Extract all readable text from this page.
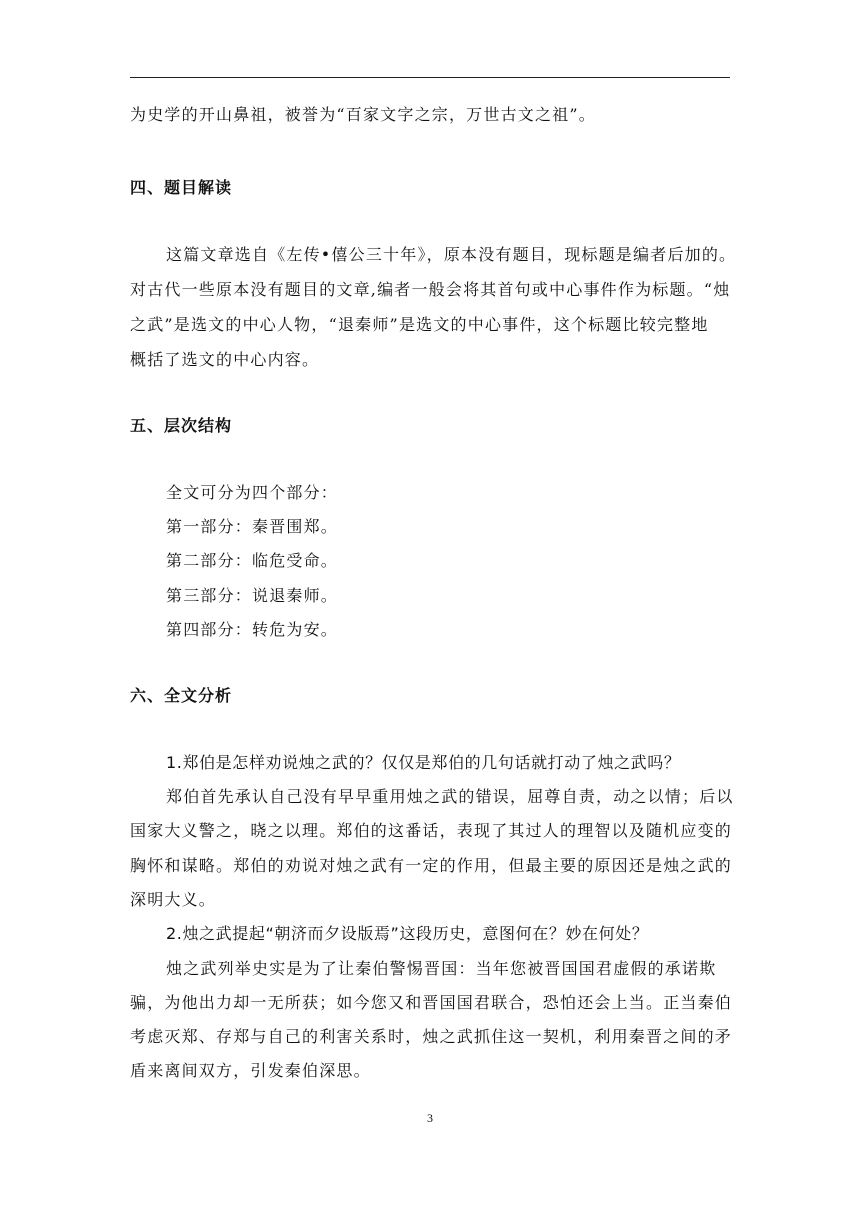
为史学的开山鼻祖，被誉为“百家文字之宗，万世古文之祖”。
四、题目解读
这篇文章选自《左传•僖公三十年》，原本没有题目，现标题是编者后加的。
对古代一些原本没有题目的文章,编者一般会将其首句或中心事件作为标题。“烛
之武”是选文的中心人物，“退秦师”是选文的中心事件，这个标题比较完整地
概括了选文的中心内容。
五、层次结构
全文可分为四个部分：
第一部分：秦晋围郑。
第二部分：临危受命。
第三部分：说退秦师。
第四部分：转危为安。
六、全文分析
1.郑伯是怎样劝说烛之武的？仅仅是郑伯的几句话就打动了烛之武吗？
郑伯首先承认自己没有早早重用烛之武的错误，屈尊自责，动之以情；后以
国家大义警之，晓之以理。郑伯的这番话，表现了其过人的理智以及随机应变的
胸怀和谋略。郑伯的劝说对烛之武有一定的作用，但最主要的原因还是烛之武的
深明大义。
2.烛之武提起“朝济而夕设版焉”这段历史，意图何在？妙在何处？
烛之武列举史实是为了让秦伯警惕晋国：当年您被晋国国君虚假的承诺欺
骗，为他出力却一无所获；如今您又和晋国国君联合，恐怕还会上当。正当秦伯
考虑灭郑、存郑与自己的利害关系时，烛之武抓住这一契机，利用秦晋之间的矛
盾来离间双方，引发秦伯深思。
3
